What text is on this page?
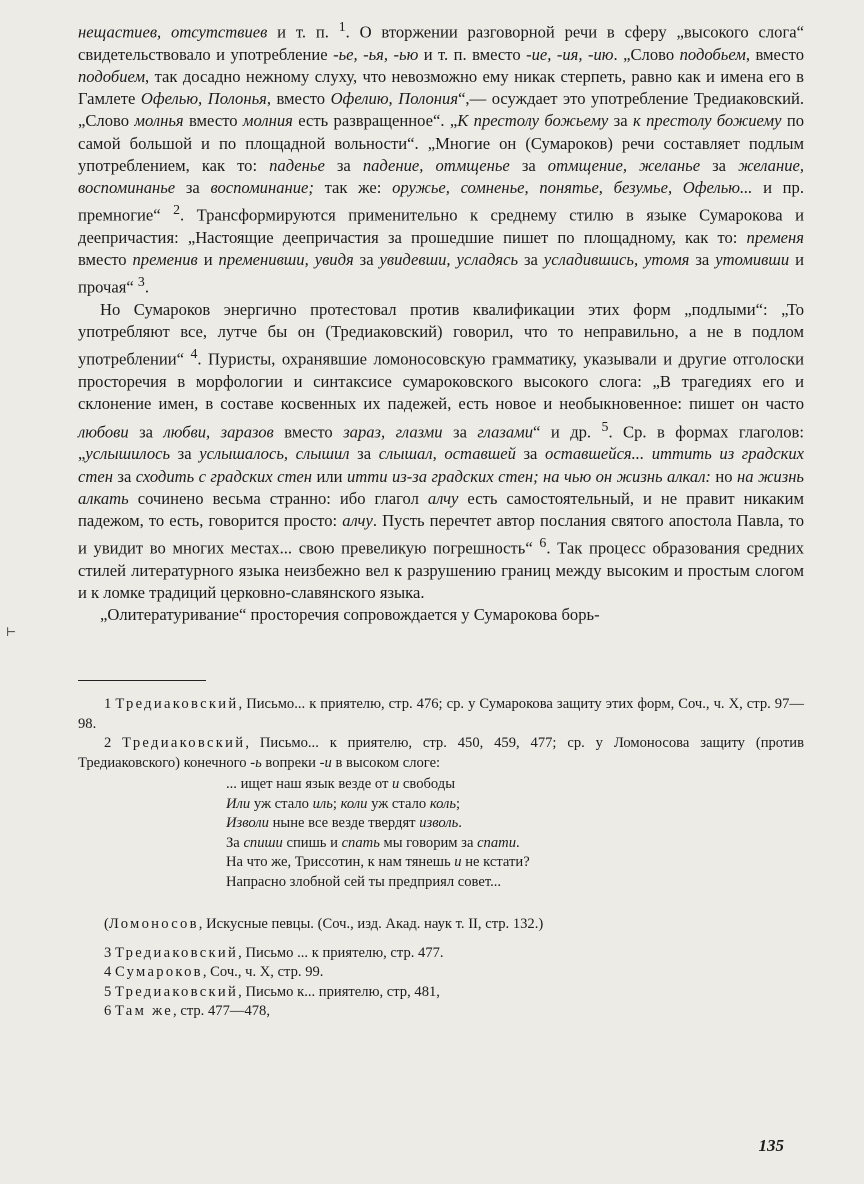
⊢

нещастиев, отсутствиев и т. п. $^1$. О вторжении разговорной речи в сферу „высокого слога“ свидетельствовало и употребление -ье, -ья, -ью и т. п. вместо -ие, -ия, -ию. „Слово подобьем, вместо подобием, так досадно нежному слуху, что невозможно ему никак стерпеть, равно как и имена его в Гамлете Офелью, Полонья, вместо Офелию, Полония“,— осуждает это употребление Тредиаковский. „Слово молнья вместо молния есть развращенное“. „К престолу божьему за к престолу божиему по самой большой и по площадной вольности“. „Многие он (Сумароков) речи составляет подлым употреблением, как то: паденье за падение, отмщенье за отмщение, желанье за желание, воспоминанье за воспоминание; так же: оружье, сомненье, понятье, безумье, Офелью... и пр. премногие“ $^2$. Трансформируются применительно к среднему стилю в языке Сумарокова и деепричастия: „Настоящие деепричастия за прошедшие пишет по площадному, как то: пременя вместо пременив и пременивши, увидя за увидевши, усладясь за усладившись, утомя за утомивши и прочая“ $^3$.

Но Сумароков энергично протестовал против квалификации этих форм „подлыми“: „То употребляют все, лутче бы он (Тредиаковский) говорил, что то неправильно, а не в подлом употреблении“ $^4$. Пуристы, охранявшие ломоносовскую грамматику, указывали и другие отголоски просторечия в морфологии и синтаксисе сумароковского высокого слога: „В трагедиях его и склонение имен, в составе косвенных их падежей, есть новое и необыкновенное: пишет он часто любови за любви, заразов вместо зараз, глазми за глазами“ и др. $^5$. Ср. в формах глаголов: „услышилось за услышалось, слышил за слышал, оставшей за оставшейся... иттить из градских стен за сходить с градских стен или итти из-за градских стен; на чью он жизнь алкал: но на жизнь алкать сочинено весьма странно: ибо глагол алчу есть самостоятельный, и не правит никаким падежом, то есть, говорится просто: алчу. Пусть перечтет автор послания святого апостола Павла, то и увидит во многих местах... свою превеликую погрешность“ $^6$. Так процесс образования средних стилей литературного языка неизбежно вел к разрушению границ между высоким и простым слогом и к ломке традиций церковно-славянского языка.

„Олитературивание“ просторечия сопровождается у Сумарокова борь-

1 Тредиаковский, Письмо... к приятелю, стр. 476; ср. у Сумарокова защиту этих форм, Соч., ч. X, стр. 97—98.

2 Тредиаковский, Письмо... к приятелю, стр. 450, 459, 477; ср. у Ломоносова защиту (против Тредиаковского) конечного -ь вопреки -и в высоком слоге:

... ищет наш язык везде от и свободы
Или уж стало иль; коли уж стало коль;
Изволи ныне все везде твердят изволь.
За спиши спишь и спать мы говорим за спати.
На что же, Триссотин, к нам тянешь и не кстати?
Напрасно злобной сей ты предприял совет...
(Ломоносов, Искусные певцы. (Соч., изд. Акад. наук т. II, стр. 132.)

3 Тредиаковский, Письмо ... к приятелю, стр. 477.

4 Сумароков, Соч., ч. X, стр. 99.

5 Тредиаковский, Письмо к... приятелю, стр, 481,

6 Там же, стр. 477—478,

135
